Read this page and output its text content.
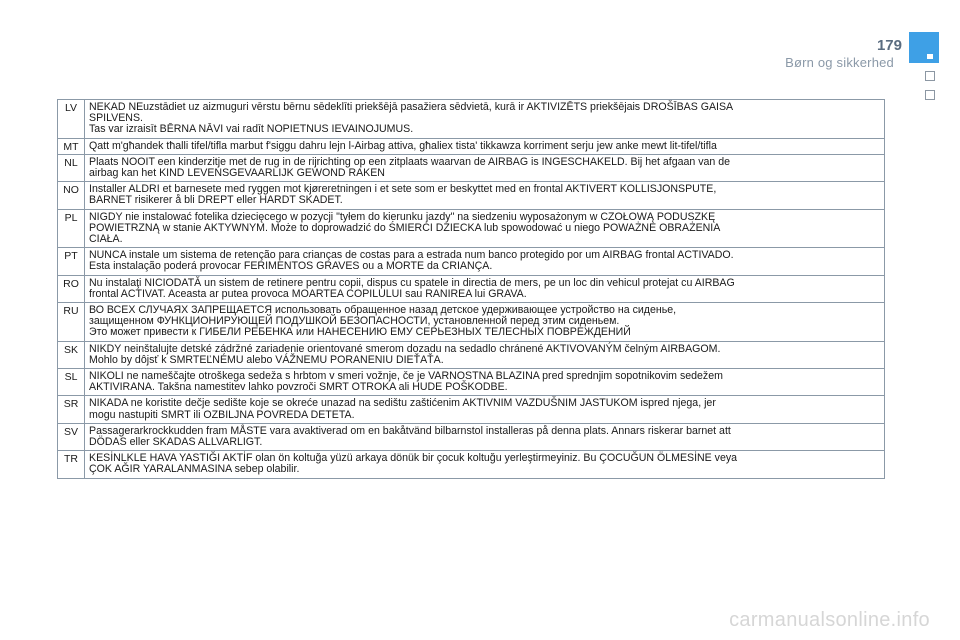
179
Børn og sikkerhed
LV	NEKAD NEuzstādiet uz aizmuguri vērstu bērnu sēdeklīti priekšējā pasažiera sēdvietā, kurā ir AKTIVIZĒTS priekšējais DROŠĪBAS GAISA
SPILVENS.
Tas var izraisīt BĒRNA NĀVI vai radīt NOPIETNUS IEVAINOJUMUS.
MT Qatt m'għandek tħalli tifel/tifla marbut f'siggu dahru lejn l-Airbag attiva, għaliex tista' tikkawza korriment serju jew anke mewt lit-tifel/tifla
NL	Plaats NOOIT een kinderzitje met de rug in de rijrichting op een zitplaats waarvan de AIRBAG is INGESCHAKELD. Bij het afgaan van de
airbag kan het KIND LEVENSGEVAARLIJK GEWOND RAKEN
NO Installer ALDRI et barnesete med ryggen mot kjøreretningen i et sete som er beskyttet med en frontal AKTIVERT KOLLISJONSPUTE,
BARNET risikerer å bli DREPT eller HARDT SKADET.
PL	NIGDY nie instalować fotelika dziecięcego w pozycji "tyłem do kierunku jazdy" na siedzeniu wyposażonym w CZOŁOWĄ PODUSZKĘ
POWIETRZNĄ w stanie AKTYWNYM. Może to doprowadzić do ŚMIERCI DZIECKA lub spowodować u niego POWAŻNE OBRAŻENIA
CIAŁA.
PT	NUNCA instale um sistema de retenção para crianças de costas para a estrada num banco protegido por um AIRBAG frontal ACTIVADO.
Esta instalação poderá provocar FERIMENTOS GRAVES ou a MORTE da CRIANÇA.
RO Nu instalaţi NICIODATĂ un sistem de retinere pentru copii, dispus cu spatele in directia de mers, pe un loc din vehicul protejat cu AIRBAG
frontal ACTIVAT. Aceasta ar putea provoca MOARTEA COPILULUI sau RANIREA lui GRAVA.
RU ВО ВСЕХ СЛУЧАЯХ ЗАПРЕЩАЕТСЯ использовать обращенное назад детское удерживающее устройство на сиденье,
защищенном ФУНКЦИОНИРУЮЩЕЙ ПОДУШКОЙ БЕЗОПАСНОСТИ, установленной перед этим сиденьем.
Это может привести к ГИБЕЛИ РЕБЕНКА или НАНЕСЕНИЮ ЕМУ СЕРЬЕЗНЫХ ТЕЛЕСНЫХ ПОВРЕЖДЕНИЙ
SK	NIKDY neinštalujte detské zádržné zariadenie orientované smerom dozadu na sedadlo chránené AKTIVOVANÝM čelným AIRBAGOM.
Mohlo by dôjsť k SMRTEĽNÉMU alebo VÁŽNEMU PORANENIU DIEŤAŤA.
SL	NIKOLI ne nameščajte otroškega sedeža s hrbtom v smeri vožnje, če je VARNOSTNA BLAZINA pred sprednjim sopotnikovim sedežem
AKTIVIRANA. Takšna namestitev lahko povzroči SMRT OTROKA ali HUDE POŠKODBE.
SR	NIKADA ne koristite dečje sedište koje se okreće unazad na sedištu zaštićenim AKTIVNIM VAZDUŠNIM JASTUKOM ispred njega, jer
mogu nastupiti SMRT ili OZBILJNA POVREDA DETETA.
SV	Passagerarkrockkudden fram MÅSTE vara avaktiverad om en bakåtvänd bilbarnstol installeras på denna plats. Annars riskerar barnet att
DÖDAS eller SKADAS ALLVARLIGT.
TR	KESİNLKLE HAVA YASTIĞI AKTİF olan ön koltuğa yüzü arkaya dönük bir çocuk koltuğu yerleştirmeyiniz. Bu ÇOCUĞUN ÖLMESİNE veya
ÇOK AĞIR YARALANMASINA sebep olabilir.
carmanualsonline.info
